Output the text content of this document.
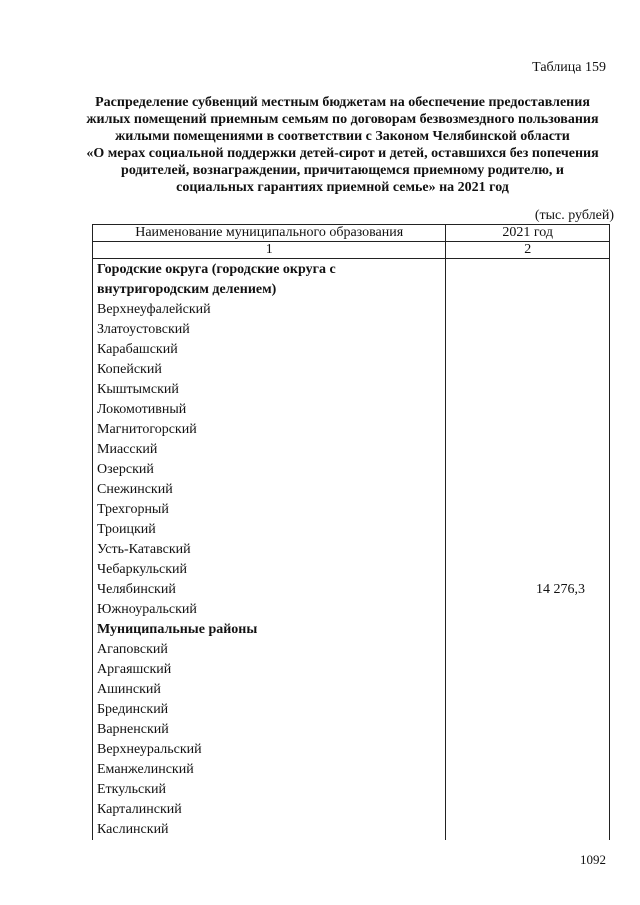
Таблица 159
Распределение субвенций местным бюджетам на обеспечение предоставления
жилых помещений приемным семьям по договорам безвозмездного пользования
жилыми помещениями в соответствии с Законом Челябинской области
«О мерах социальной поддержки детей-сирот и детей, оставшихся без попечения
родителей, вознаграждении, причитающемся приемному родителю, и
социальных гарантиях приемной семье» на 2021 год
(тыс. рублей)
Наименование муниципального образования	2021 год
1	2

Городские округа (городские округа с
внутригородским делением)	

Верхнеуфалейский	
Златоустовский	
Карабашский	
Копейский	
Кыштымский	
Локомотивный	
Магнитогорский	
Миасский	
Озерский	
Снежинский	
Трехгорный	
Троицкий	
Усть-Катавский	
Чебаркульский	
Челябинский	14 276,3
Южноуральский	
Муниципальные районы	
Агаповский	
Аргаяшский	
Ашинский	
Брединский	
Варненский	
Верхнеуральский	
Еманжелинский	
Еткульский	
Карталинский	
Каслинский	
1092
